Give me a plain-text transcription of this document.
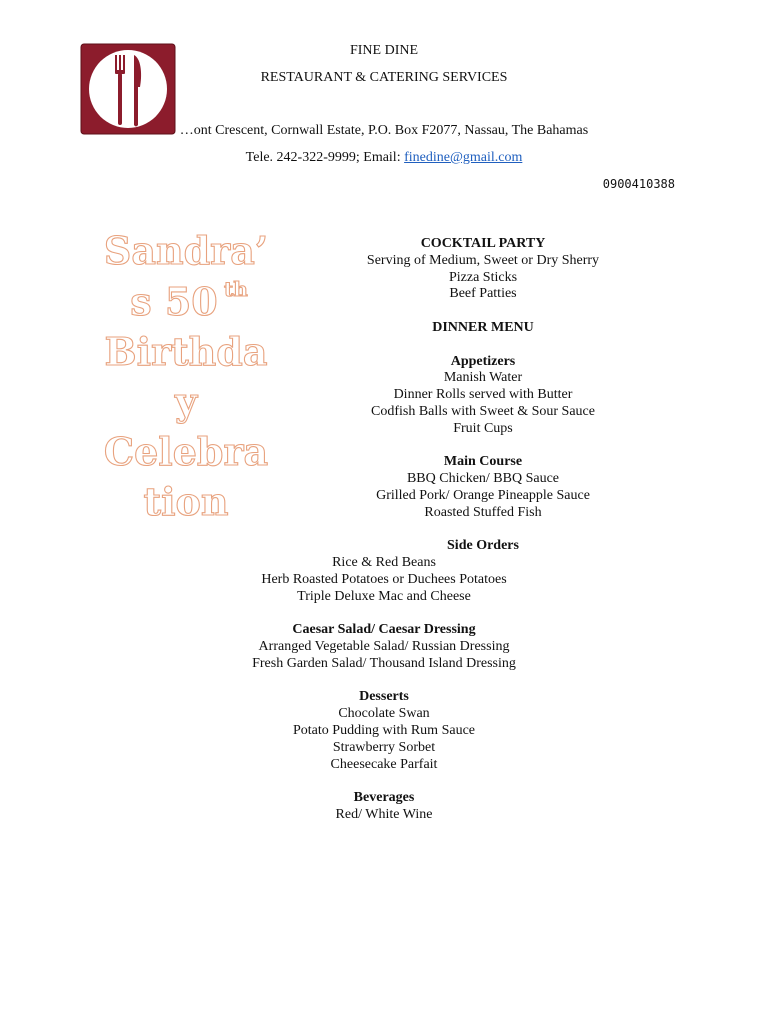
FINE DINE
RESTAURANT & CATERING SERVICES
…ont Crescent, Cornwall Estate, P.O. Box F2077, Nassau, The Bahamas
Tele. 242-322-9999; Email: finedine@gmail.com
0900410388
Sandra’
s 50 th
Birthda
y
Celebra
tion
COCKTAIL PARTY
Serving of Medium, Sweet or Dry Sherry
Pizza Sticks
Beef Patties
DINNER MENU
Appetizers
Manish Water
Dinner Rolls served with Butter
Codfish Balls with Sweet & Sour Sauce
Fruit Cups
Main Course
BBQ Chicken/ BBQ Sauce
Grilled Pork/ Orange Pineapple Sauce
Roasted Stuffed Fish
Side Orders
Rice & Red Beans
Herb Roasted Potatoes or Duchees Potatoes
Triple Deluxe Mac and Cheese
Caesar Salad/ Caesar Dressing
Arranged Vegetable Salad/ Russian Dressing
Fresh Garden Salad/ Thousand Island Dressing
Desserts
Chocolate Swan
Potato Pudding with Rum Sauce
Strawberry Sorbet
Cheesecake Parfait
Beverages
Red/ White Wine
